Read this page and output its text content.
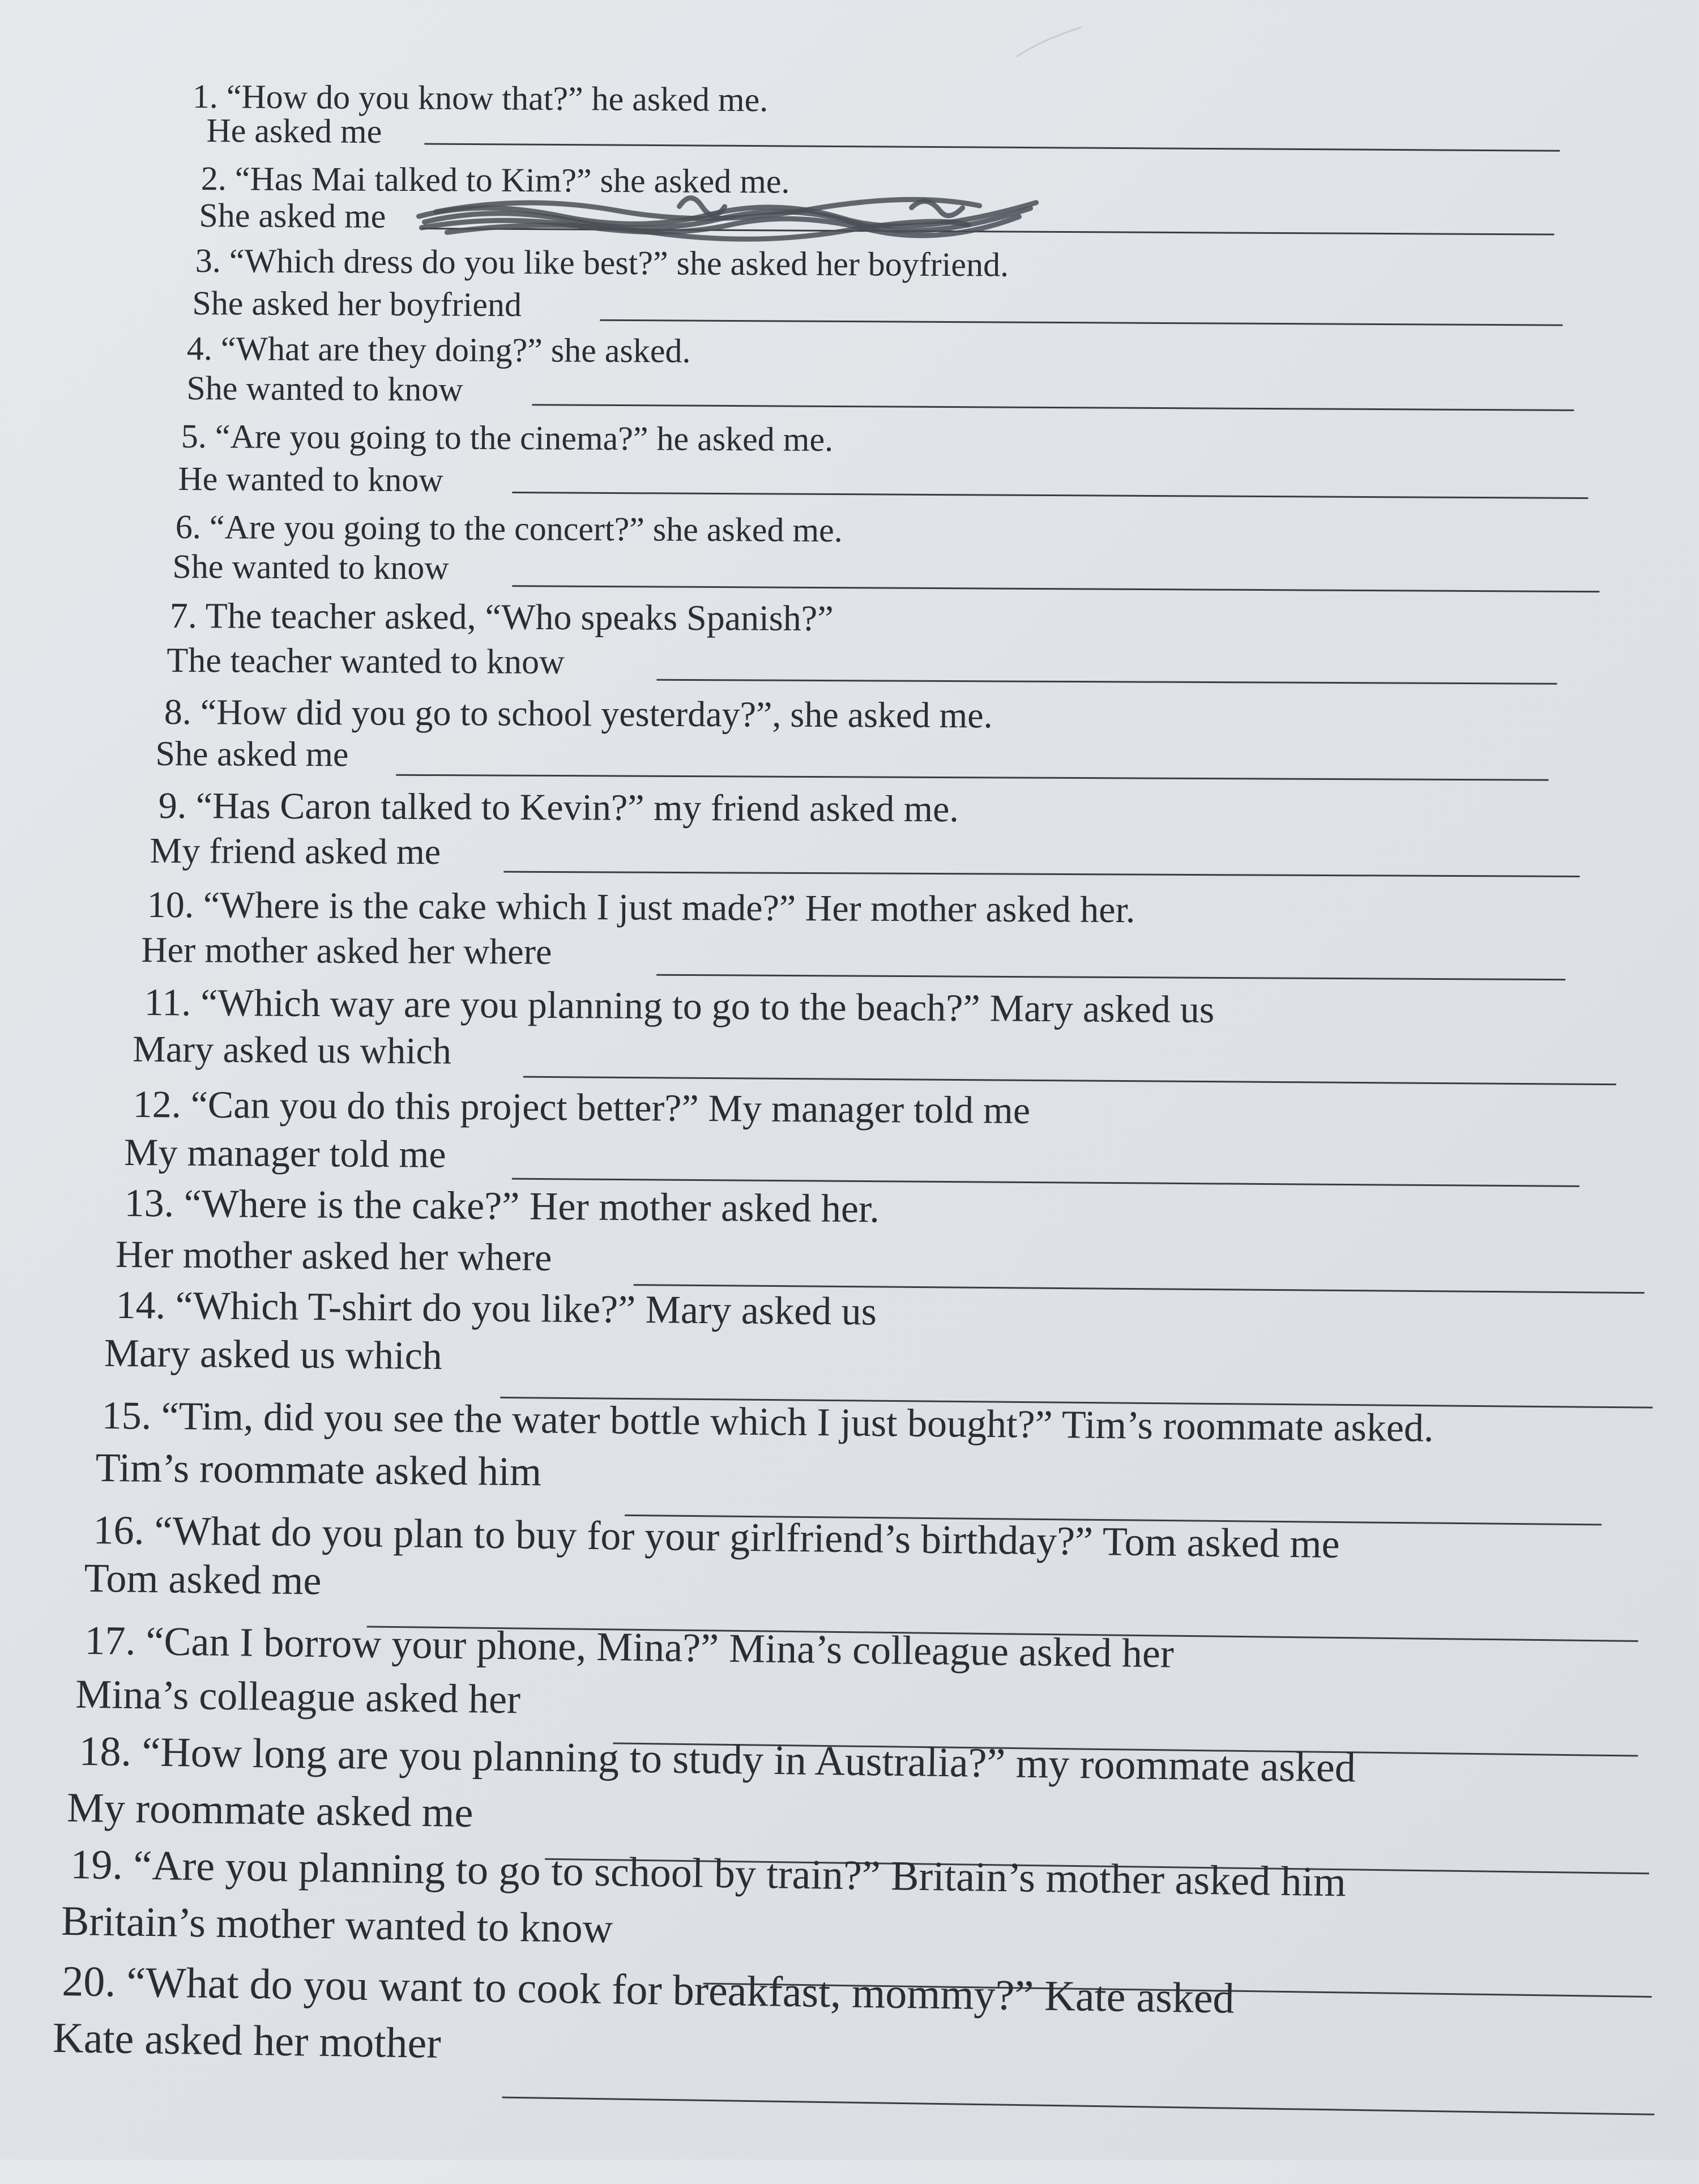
1. “How do you know that?” he asked me.
He asked me
2. “Has Mai talked to Kim?” she asked me.
She asked me
3. “Which dress do you like best?” she asked her boyfriend.
She asked her boyfriend
4. “What are they doing?” she asked.
She wanted to know
5. “Are you going to the cinema?” he asked me.
He wanted to know
6. “Are you going to the concert?” she asked me.
She wanted to know
7. The teacher asked, “Who speaks Spanish?”
The teacher wanted to know
8. “How did you go to school yesterday?”, she asked me.
She asked me
9. “Has Caron talked to Kevin?” my friend asked me.
My friend asked me
10. “Where is the cake which I just made?” Her mother asked her.
Her mother asked her where
11. “Which way are you planning to go to the beach?” Mary asked us
Mary asked us which
12. “Can you do this project better?” My manager told me
My manager told me
13. “Where is the cake?” Her mother asked her.
Her mother asked her where
14. “Which T-shirt do you like?” Mary asked us
Mary asked us which
15. “Tim, did you see the water bottle which I just bought?” Tim’s roommate asked.
Tim’s roommate asked him
16. “What do you plan to buy for your girlfriend’s birthday?” Tom asked me
Tom asked me
17. “Can I borrow your phone, Mina?” Mina’s colleague asked her
Mina’s colleague asked her
18. “How long are you planning to study in Australia?” my roommate asked
My roommate asked me
19. “Are you planning to go to school by train?” Britain’s mother asked him
Britain’s mother wanted to know
20. “What do you want to cook for breakfast, mommy?” Kate asked
Kate asked her mother
